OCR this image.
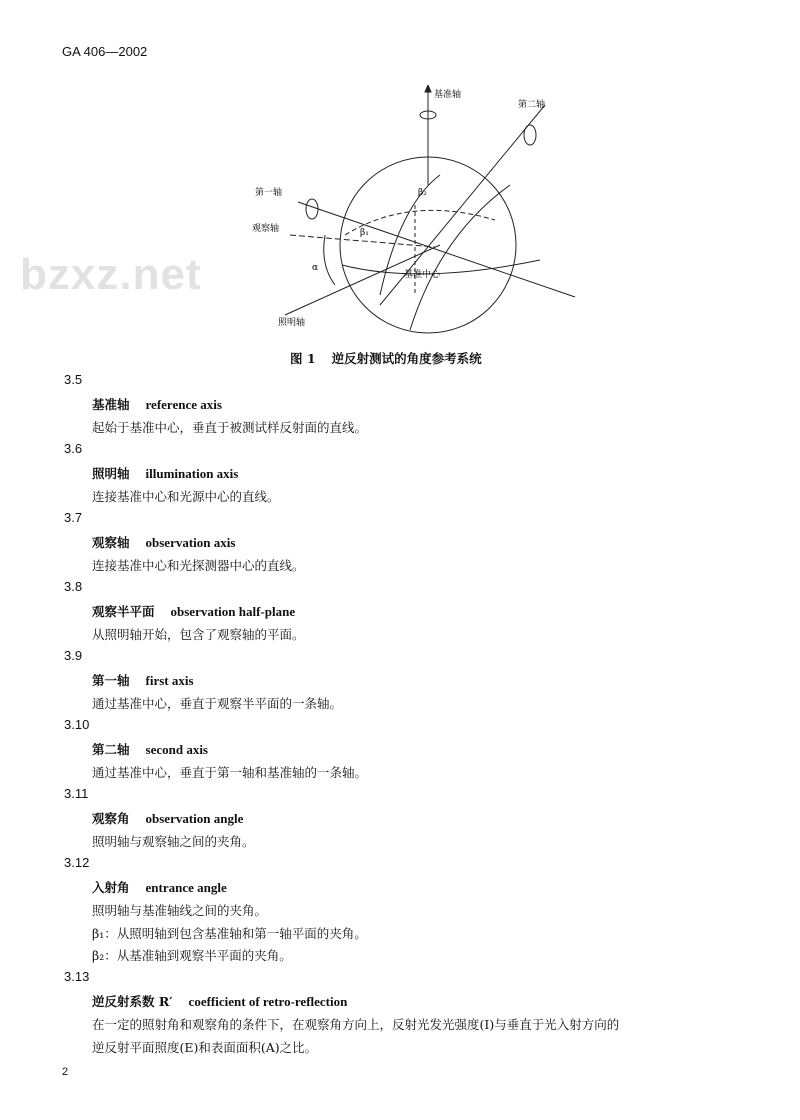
GA 406—2002
bzxz.net
基准轴
第二轴
第一轴
观察轴
照明轴
基准中心
β₁
β₂
α
图 1 逆反射测试的角度参考系统
3.5
基准轴 reference axis
起始于基准中心，垂直于被测试样反射面的直线。
3.6
照明轴 illumination axis
连接基准中心和光源中心的直线。
3.7
观察轴 observation axis
连接基准中心和光探测器中心的直线。
3.8
观察半平面 observation half-plane
从照明轴开始，包含了观察轴的平面。
3.9
第一轴 first axis
通过基准中心，垂直于观察半平面的一条轴。
3.10
第二轴 second axis
通过基准中心，垂直于第一轴和基准轴的一条轴。
3.11
观察角 observation angle
照明轴与观察轴之间的夹角。
3.12
入射角 entrance angle
照明轴与基准轴线之间的夹角。
β₁：从照明轴到包含基准轴和第一轴平面的夹角。
β₂：从基准轴到观察半平面的夹角。
3.13
逆反射系数 R′ coefficient of retro-reflection
在一定的照射角和观察角的条件下，在观察角方向上，反射光发光强度(I)与垂直于光入射方向的
逆反射平面照度(E)和表面面积(A)之比。
2
